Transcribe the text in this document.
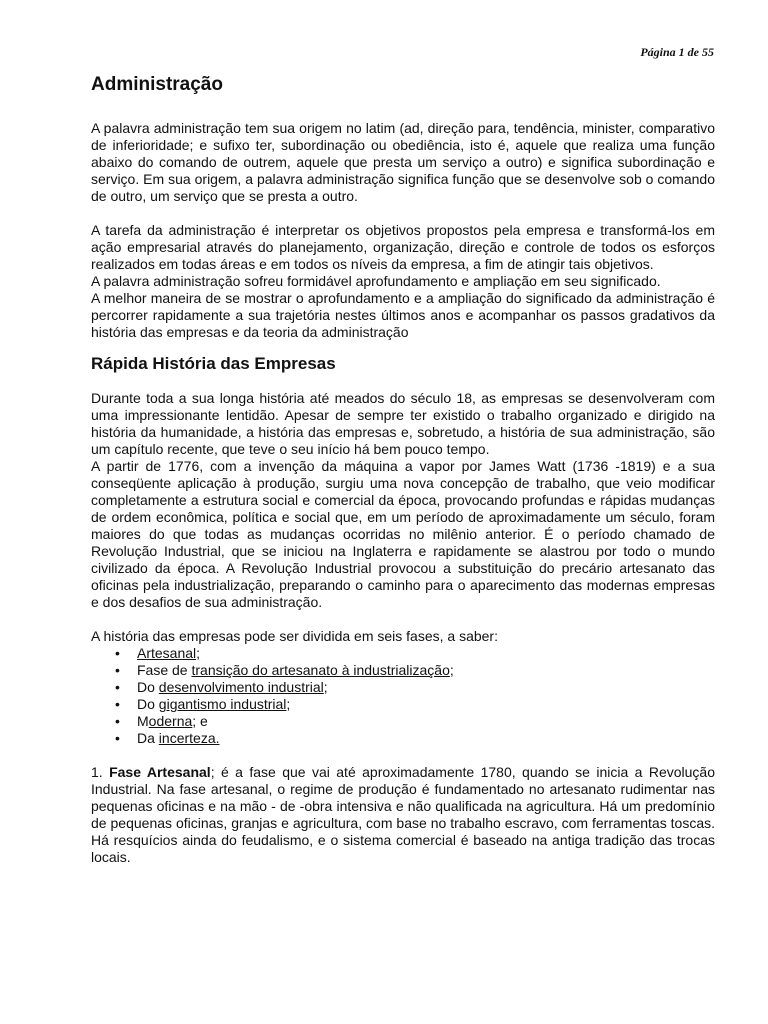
Página 1 de 55
Administração

A palavra administração tem sua origem no latim (ad, direção para, tendência, minister, comparativo de inferioridade; e sufixo ter, subordinação ou obediência, isto é, aquele que realiza uma função abaixo do comando de outrem, aquele que presta um serviço a outro) e significa subordinação e serviço. Em sua origem, a palavra administração significa função que se desenvolve sob o comando de outro, um serviço que se presta a outro.

A tarefa da administração é interpretar os objetivos propostos pela empresa e transformá-los em ação empresarial através do planejamento, organização, direção e controle de todos os esforços realizados em todas áreas e em todos os níveis da empresa, a fim de atingir tais objetivos.

A palavra administração sofreu formidável aprofundamento e ampliação em seu significado.

A melhor maneira de se mostrar o aprofundamento e a ampliação do significado da administração é percorrer rapidamente a sua trajetória nestes últimos anos e acompanhar os passos gradativos da história das empresas e da teoria da administração

Rápida História das Empresas

Durante toda a sua longa história até meados do século 18, as empresas se desenvolveram com uma impressionante lentidão. Apesar de sempre ter existido o trabalho organizado e dirigido na história da humanidade, a história das empresas e, sobretudo, a história de sua administração, são um capítulo recente, que teve o seu início há bem pouco tempo.

A partir de 1776, com a invenção da máquina a vapor por James Watt (1736 -1819) e a sua conseqüente aplicação à produção, surgiu uma nova concepção de trabalho, que veio modificar completamente a estrutura social e comercial da época, provocando profundas e rápidas mudanças de ordem econômica, política e social que, em um período de aproximadamente um século, foram maiores do que todas as mudanças ocorridas no milênio anterior. É o período chamado de Revolução Industrial, que se iniciou na Inglaterra e rapidamente se alastrou por todo o mundo civilizado da época. A Revolução Industrial provocou a substituição do precário artesanato das oficinas pela industrialização, preparando o caminho para o aparecimento das modernas empresas e dos desafios de sua administração.

A história das empresas pode ser dividida em seis fases, a saber:

• Artesanal;
• Fase de transição do artesanato à industrialização;
• Do desenvolvimento industrial;
• Do gigantismo industrial;
• Moderna; e
• Da incerteza.

1. Fase Artesanal; é a fase que vai até aproximadamente 1780, quando se inicia a Revolução Industrial. Na fase artesanal, o regime de produção é fundamentado no artesanato rudimentar nas pequenas oficinas e na mão - de -obra intensiva e não qualificada na agricultura. Há um predomínio de pequenas oficinas, granjas e agricultura, com base no trabalho escravo, com ferramentas toscas. Há resquícios ainda do feudalismo, e o sistema comercial é baseado na antiga tradição das trocas locais.
